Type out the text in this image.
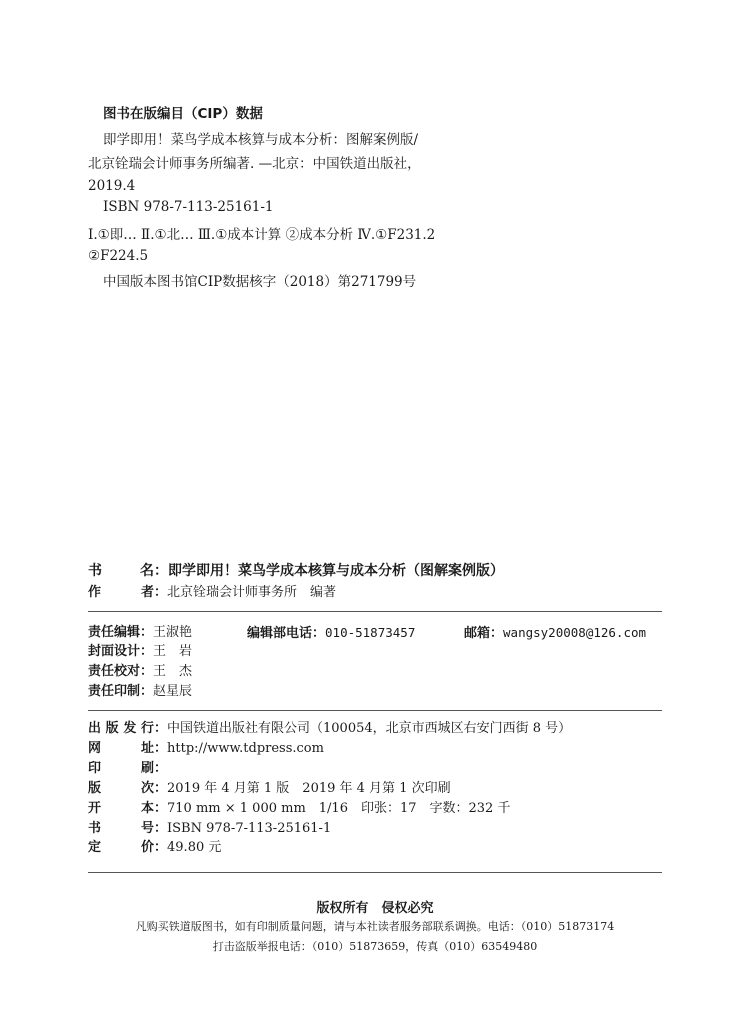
图书在版编目（CIP）数据
即学即用！菜鸟学成本核算与成本分析：图解案例版/
北京铨瑞会计师事务所编著. —北京：中国铁道出版社，
2019.4
ISBN 978-7-113-25161-1
Ⅰ.①即… Ⅱ.①北… Ⅲ.①成本计算 ②成本分析 Ⅳ.①F231.2
②F224.5
中国版本图书馆CIP数据核字（2018）第271799号
书　　名：即学即用！菜鸟学成本核算与成本分析（图解案例版）
作　　者：北京铨瑞会计师事务所　编著
责任编辑：王淑艳	编辑部电话：010-51873457	邮箱：wangsy20008@126.com
封面设计：王　岩
责任校对：王　杰
责任印制：赵星辰
出版发行：中国铁道出版社有限公司（100054，北京市西城区右安门西街 8 号）
网　　址：http://www.tdpress.com
印　　刷：
版　　次：2019 年 4 月第 1 版　2019 年 4 月第 1 次印刷
开　　本：710 mm × 1 000 mm　1/16　印张：17　字数：232 千
书　　号：ISBN 978-7-113-25161-1
定　　价：49.80 元
版权所有　侵权必究
凡购买铁道版图书，如有印制质量问题，请与本社读者服务部联系调换。电话：（010）51873174
打击盗版举报电话：（010）51873659，传真（010）63549480
